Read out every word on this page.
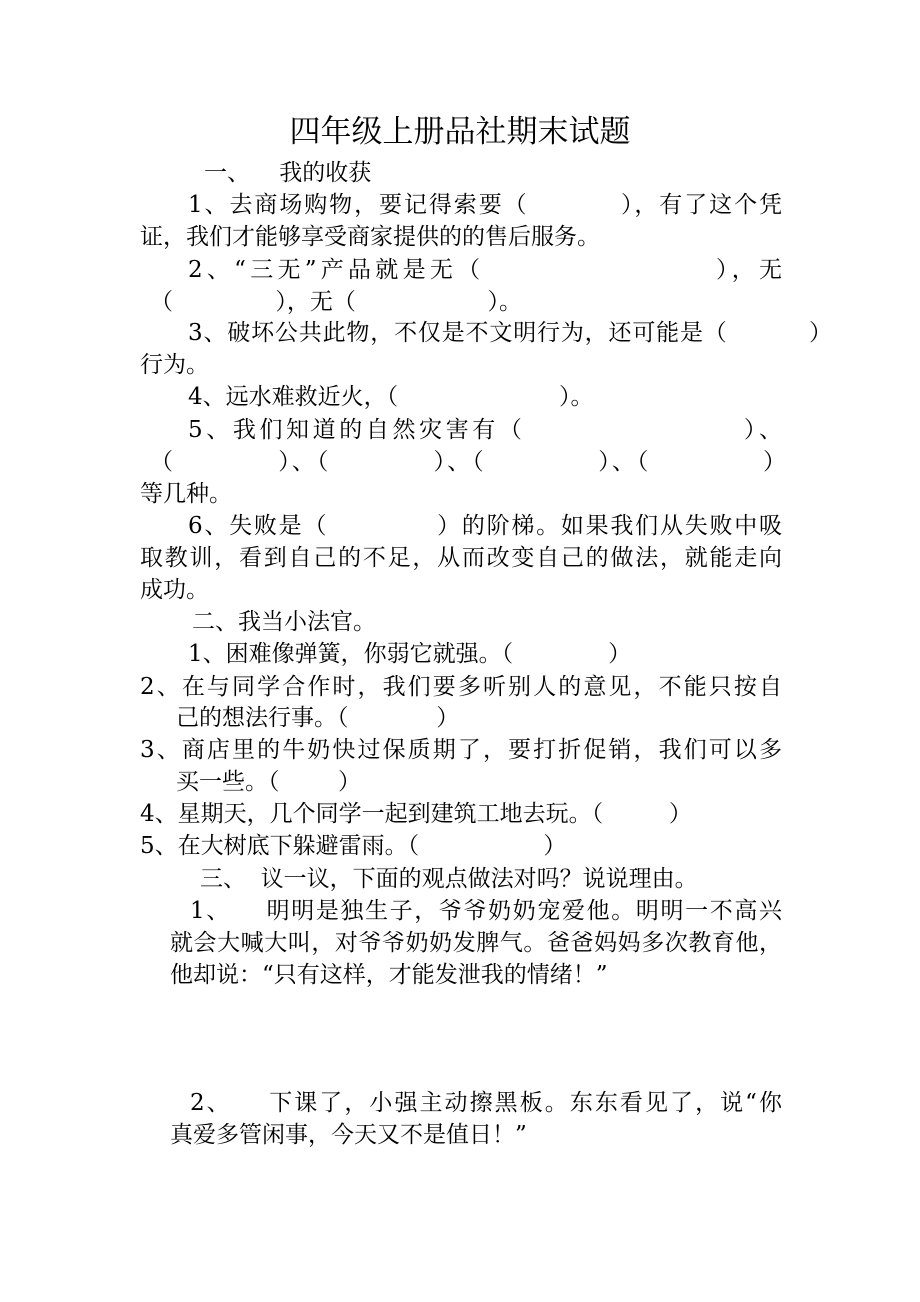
四年级上册品社期末试题
一、    我的收获
1、去商场购物，要记得索要（          ），有了这个凭
证，我们才能够享受商家提供的的售后服务。
2、“三无”产品就是无（                    ），无
（              ），无（                  ）。
3、破坏公共此物，不仅是不文明行为，还可能是（          ）
行为。
4、远水难救近火，（                      ）。
5、我们知道的自然灾害有（                    ）、
（           ）、（           ）、（            ）、（            ）
等几种。
6、失败是（            ）的阶梯。如果我们从失败中吸
取教训，看到自己的不足，从而改变自己的做法，就能走向
成功。
二、我当小法官。
1、困难像弹簧，你弱它就强。（             ）
2、在与同学合作时，我们要多听别人的意见，不能只按自
己的想法行事。（            ）
3、商店里的牛奶快过保质期了，要打折促销，我们可以多
买一些。（        ）
4、星期天，几个同学一起到建筑工地去玩。（         ）
5、在大树底下躲避雷雨。（                 ）
三、  议一议，下面的观点做法对吗？说说理由。
1、    明明是独生子，爷爷奶奶宠爱他。明明一不高兴
就会大喊大叫，对爷爷奶奶发脾气。爸爸妈妈多次教育他，
他却说：“只有这样，才能发泄我的情绪！”
2、    下课了，小强主动擦黑板。东东看见了，说“你
真爱多管闲事，今天又不是值日！”
